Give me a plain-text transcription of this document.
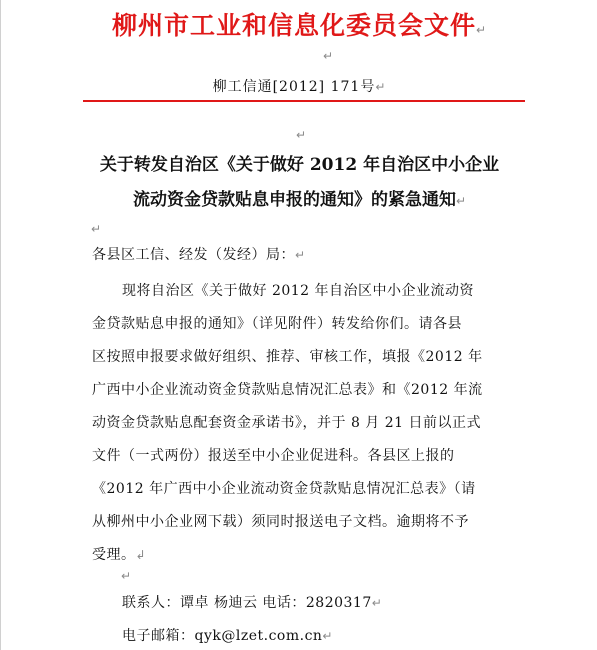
柳州市工业和信息化委员会文件↵
↵
柳工信通[2012] 171号↵
↵
关于转发自治区《关于做好 2012 年自治区中小企业
流动资金贷款贴息申报的通知》的紧急通知↵
↵
各县区工信、经发（发经）局：↵
现将自治区《关于做好 2012 年自治区中小企业流动资
金贷款贴息申报的通知》（详见附件）转发给你们。请各县
区按照申报要求做好组织、推荐、审核工作，填报《2012 年
广西中小企业流动资金贷款贴息情况汇总表》和《2012 年流
动资金贷款贴息配套资金承诺书》，并于 8 月 21 日前以正式
文件（一式两份）报送至中小企业促进科。各县区上报的
《2012 年广西中小企业流动资金贷款贴息情况汇总表》（请
从柳州中小企业网下载）须同时报送电子文档。逾期将不予
受理。↲
↵
联系人：谭卓 杨迪云 电话：2820317↵
电子邮箱：qyk@lzet.com.cn↵
